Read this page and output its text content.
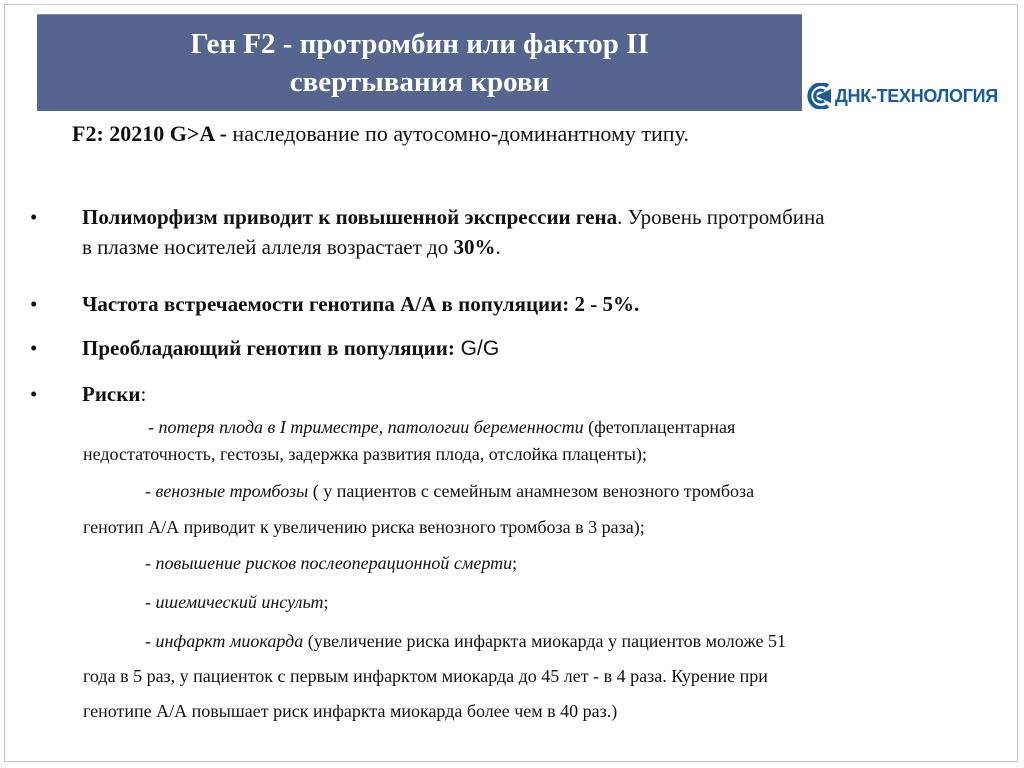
Ген F2 - протромбин или фактор II
свертывания крови	ДНК-ТЕХНОЛОГИЯ
F2: 20210 G>A - наследование по аутосомно-доминантному типу.
•	Полиморфизм приводит к повышенной экспрессии гена. Уровень протромбина
в плазме носителей аллеля возрастает до 30%.
•	Частота встречаемости генотипа А/А в популяции: 2 - 5%.
•	Преобладающий генотип в популяции: G/G
•	Риски:
- потеря плода в I триместре, патологии беременности (фетоплацентарная
недостаточность, гестозы, задержка развития плода, отслойка плаценты);
- венозные тромбозы ( у пациентов с семейным анамнезом венозного тромбоза
генотип А/А приводит к увеличению риска венозного тромбоза в 3 раза);
- повышение рисков послеоперационной смерти;
- ишемический инсульт;
- инфаркт миокарда (увеличение риска инфаркта миокарда у пациентов моложе 51
года в 5 раз, у пациенток с первым инфарктом миокарда до 45 лет - в 4 раза. Курение при
генотипе А/А повышает риск инфаркта миокарда более чем в 40 раз.)
